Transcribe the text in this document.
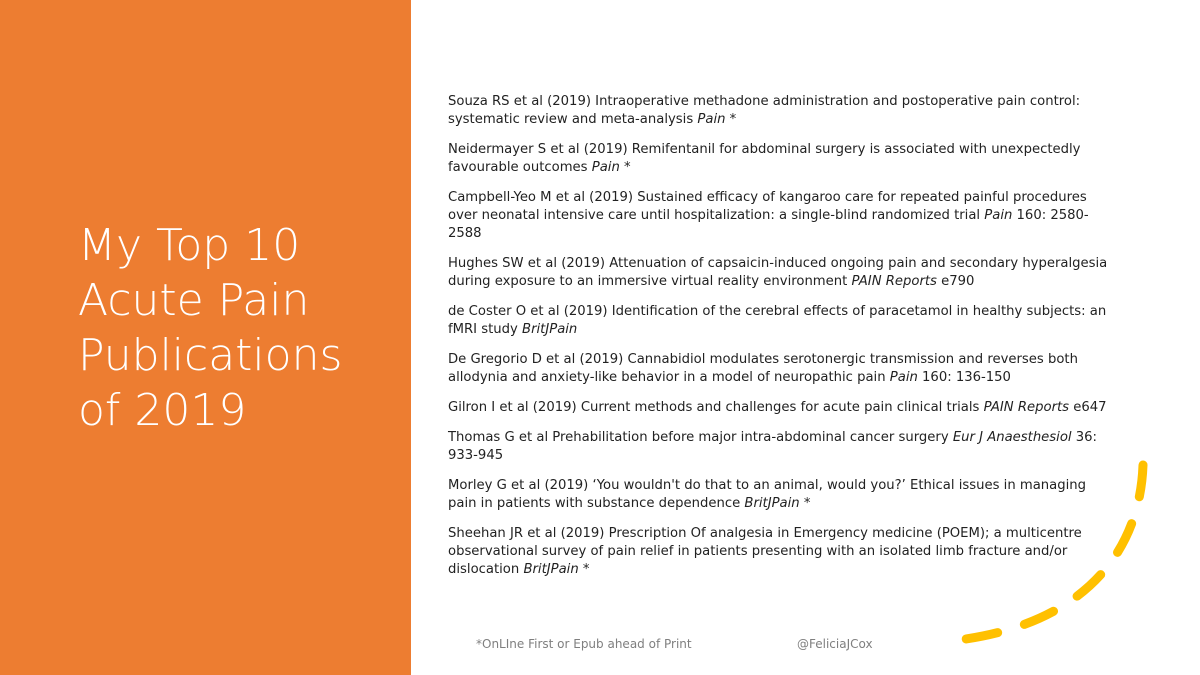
My Top 10
Acute Pain
Publications
of 2019
Souza RS et al (2019) Intraoperative methadone administration and postoperative pain control: systematic review and meta-analysis Pain *
Neidermayer S et al (2019) Remifentanil for abdominal surgery is associated with unexpectedly favourable outcomes Pain *
Campbell-Yeo M et al (2019) Sustained efficacy of kangaroo care for repeated painful procedures over neonatal intensive care until hospitalization: a single-blind randomized trial Pain 160: 2580-2588
Hughes SW et al (2019) Attenuation of capsaicin-induced ongoing pain and secondary hyperalgesia during exposure to an immersive virtual reality environment PAIN Reports e790
de Coster O et al (2019) Identification of the cerebral effects of paracetamol in healthy subjects: an fMRI study BritJPain
De Gregorio D et al (2019) Cannabidiol modulates serotonergic transmission and reverses both allodynia and anxiety-like behavior in a model of neuropathic pain Pain 160: 136-150
Gilron I et al (2019) Current methods and challenges for acute pain clinical trials PAIN Reports e647
Thomas G et al Prehabilitation before major intra-abdominal cancer surgery Eur J Anaesthesiol 36: 933-945
Morley G et al (2019) ‘You wouldn't do that to an animal, would you?’ Ethical issues in managing pain in patients with substance dependence BritJPain *
Sheehan JR et al (2019) Prescription Of analgesia in Emergency medicine (POEM); a multicentre observational survey of pain relief in patients presenting with an isolated limb fracture and/or dislocation BritJPain *
*OnLIne First or Epub ahead of Print	@FeliciaJCox
